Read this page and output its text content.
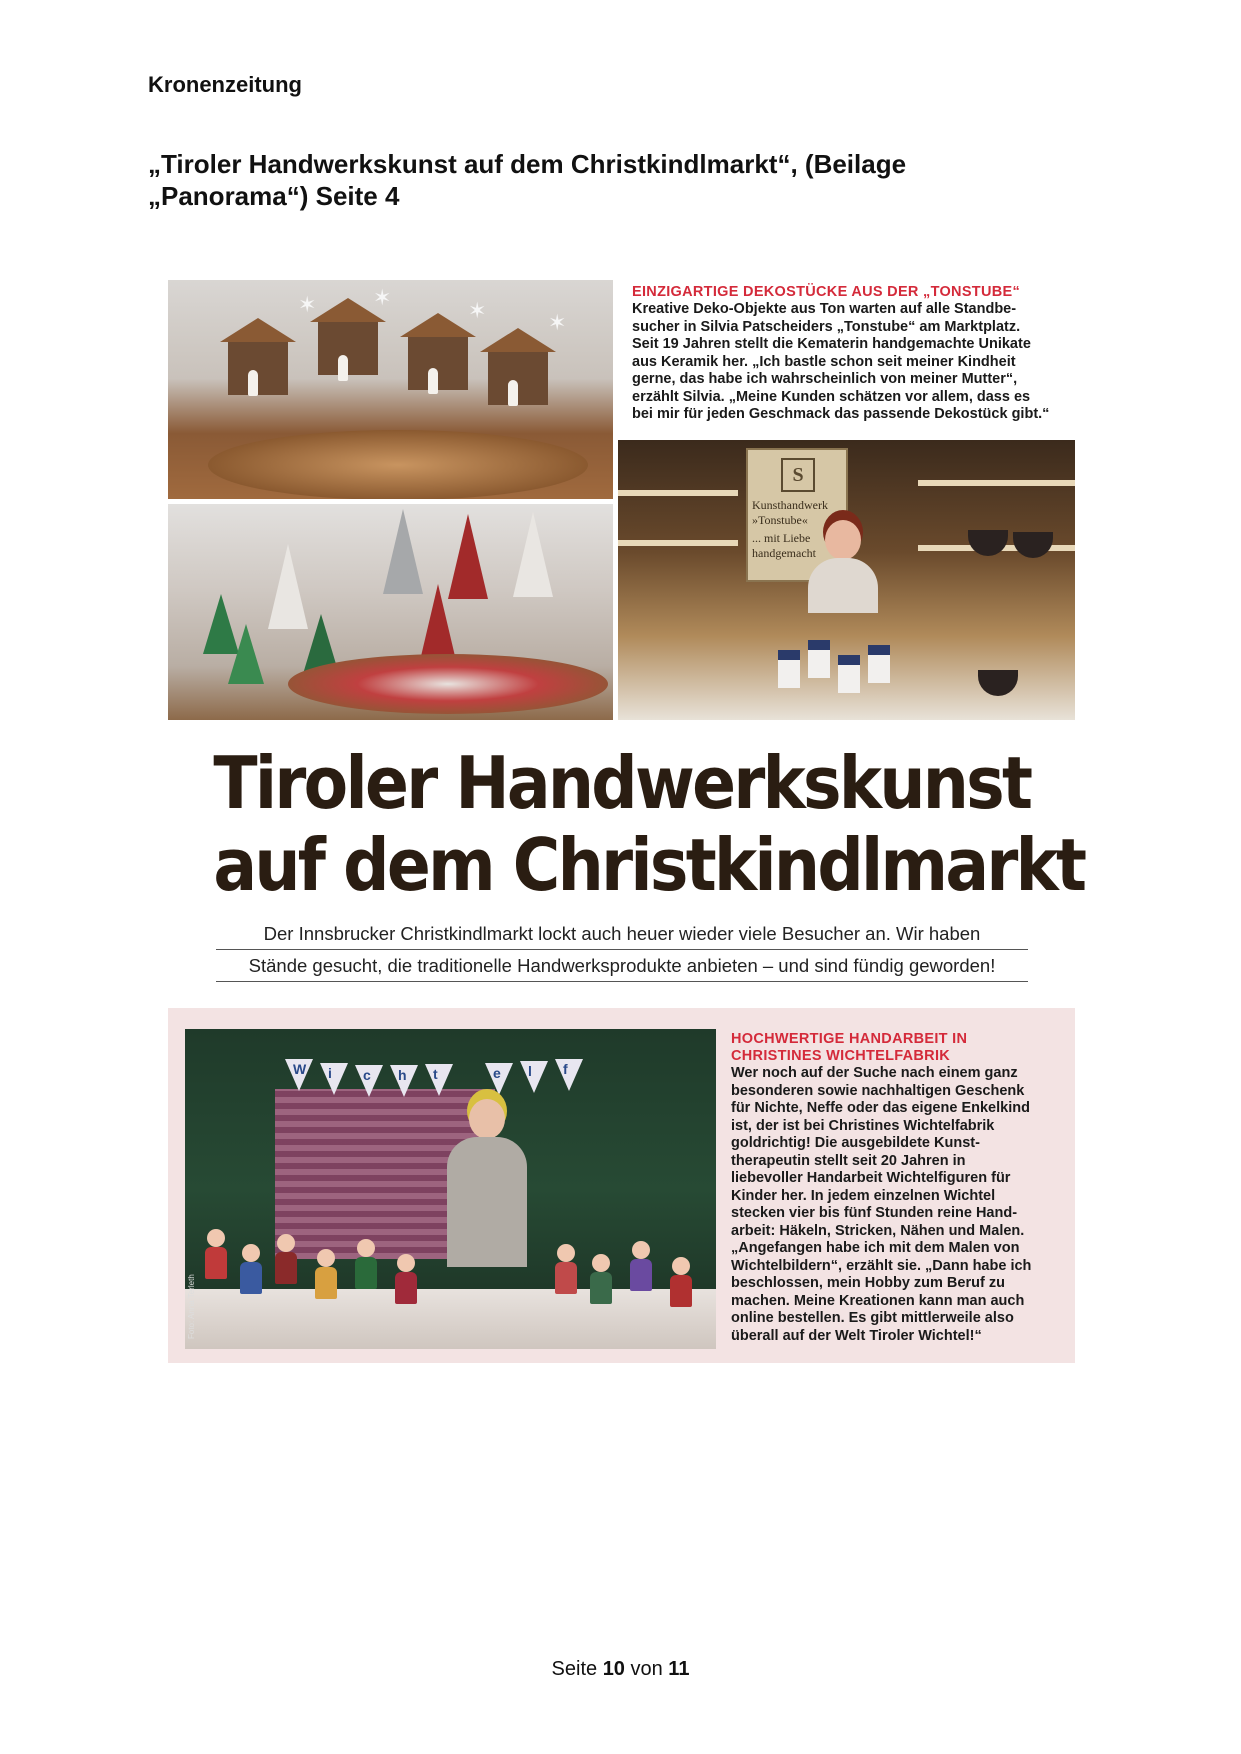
Kronenzeitung
„Tiroler Handwerkskunst auf dem Christkindlmarkt“, (Beilage
„Panorama“) Seite 4
✶	✶
✶	✶
EINZIGARTIGE DEKOSTÜCKE AUS DER „TONSTUBE“
Kreative Deko-Objekte aus Ton warten auf alle Standbe-
sucher in Silvia Patscheiders „Tonstube“ am Marktplatz.
Seit 19 Jahren stellt die Kematerin handgemachte Unikate
aus Keramik her. „Ich bastle schon seit meiner Kindheit
gerne, das habe ich wahrscheinlich von meiner Mutter“,
erzählt Silvia. „Meine Kunden schätzen vor allem, dass es
bei mir für jeden Geschmack das passende Dekostück gibt.“
S
Kunsthandwerk
»Tonstube«
... mit Liebe
handgemacht
Tiroler Handwerkskunst
auf dem Christkindlmarkt
Der Innsbrucker Christkindlmarkt lockt auch heuer wieder viele Besucher an. Wir haben
Stände gesucht, die traditionelle Handwerksprodukte anbieten – und sind fündig geworden!
W i c h t	e l f
Foto: Anna Terleth
HOCHWERTIGE HANDARBEIT IN
CHRISTINES WICHTELFABRIK
Wer noch auf der Suche nach einem ganz
besonderen sowie nachhaltigen Geschenk
für Nichte, Neffe oder das eigene Enkelkind
ist, der ist bei Christines Wichtelfabrik
goldrichtig! Die ausgebildete Kunst-
therapeutin stellt seit 20 Jahren in
liebevoller Handarbeit Wichtelfiguren für
Kinder her. In jedem einzelnen Wichtel
stecken vier bis fünf Stunden reine Hand-
arbeit: Häkeln, Stricken, Nähen und Malen.
„Angefangen habe ich mit dem Malen von
Wichtelbildern“, erzählt sie. „Dann habe ich
beschlossen, mein Hobby zum Beruf zu
machen. Meine Kreationen kann man auch
online bestellen. Es gibt mittlerweile also
überall auf der Welt Tiroler Wichtel!“
Seite 10 von 11
